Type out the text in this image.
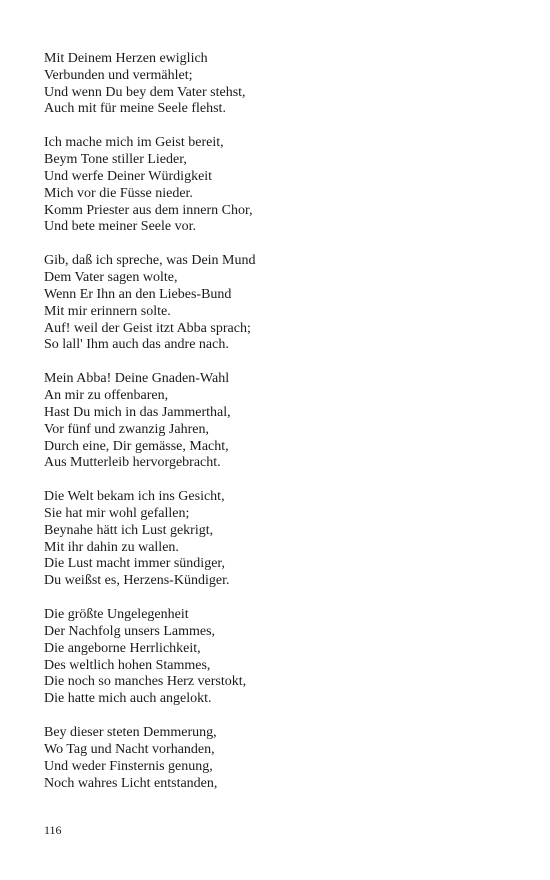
Mit Deinem Herzen ewiglich
Verbunden und vermählet;
Und wenn Du bey dem Vater stehst,
Auch mit für meine Seele flehst.
Ich mache mich im Geist bereit,
Beym Tone stiller Lieder,
Und werfe Deiner Würdigkeit
Mich vor die Füsse nieder.
Komm Priester aus dem innern Chor,
Und bete meiner Seele vor.
Gib, daß ich spreche, was Dein Mund
Dem Vater sagen wolte,
Wenn Er Ihn an den Liebes-Bund
Mit mir erinnern solte.
Auf! weil der Geist itzt Abba sprach;
So lall' Ihm auch das andre nach.
Mein Abba! Deine Gnaden-Wahl
An mir zu offenbaren,
Hast Du mich in das Jammerthal,
Vor fünf und zwanzig Jahren,
Durch eine, Dir gemässe, Macht,
Aus Mutterleib hervorgebracht.
Die Welt bekam ich ins Gesicht,
Sie hat mir wohl gefallen;
Beynahe hätt ich Lust gekrigt,
Mit ihr dahin zu wallen.
Die Lust macht immer sündiger,
Du weißst es, Herzens-Kündiger.
Die größte Ungelegenheit
Der Nachfolg unsers Lammes,
Die angeborne Herrlichkeit,
Des weltlich hohen Stammes,
Die noch so manches Herz verstokt,
Die hatte mich auch angelokt.
Bey dieser steten Demmerung,
Wo Tag und Nacht vorhanden,
Und weder Finsternis genung,
Noch wahres Licht entstanden,
116
